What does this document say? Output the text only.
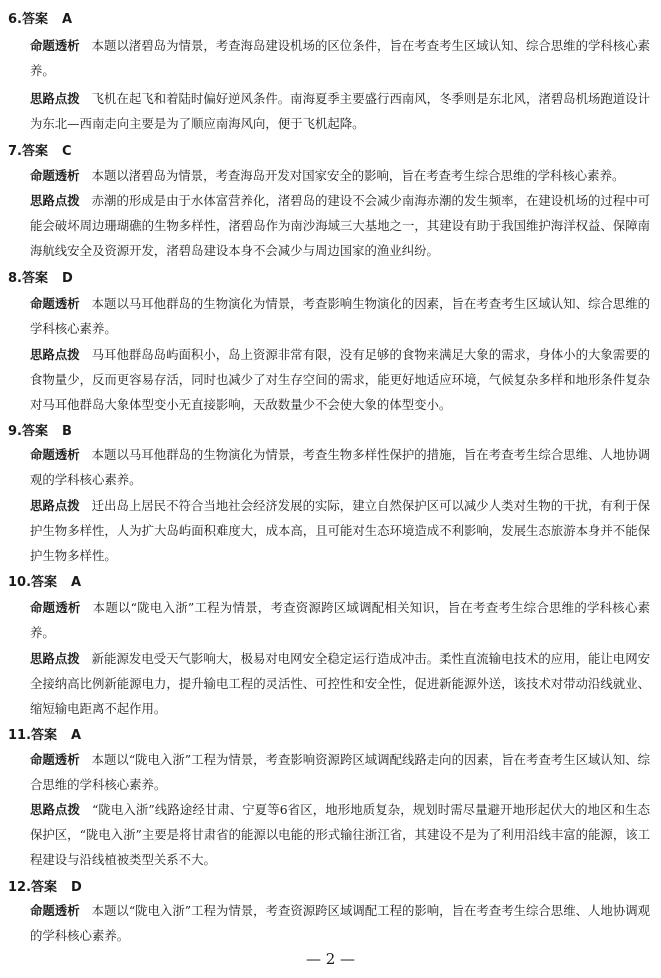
6.答案 A
命题透析 本题以渚碧岛为情景，考查海岛建设机场的区位条件，旨在考查考生区域认知、综合思维的学科核心素养。
思路点拨 飞机在起飞和着陆时偏好逆风条件。南海夏季主要盛行西南风，冬季则是东北风，渚碧岛机场跑道设计为东北—西南走向主要是为了顺应南海风向，便于飞机起降。
7.答案 C
命题透析 本题以渚碧岛为情景，考查海岛开发对国家安全的影响，旨在考查考生综合思维的学科核心素养。
思路点拨 赤潮的形成是由于水体富营养化，渚碧岛的建设不会减少南海赤潮的发生频率，在建设机场的过程中可能会破坏周边珊瑚礁的生物多样性，渚碧岛作为南沙海域三大基地之一，其建设有助于我国维护海洋权益、保障南海航线安全及资源开发，渚碧岛建设本身不会减少与周边国家的渔业纠纷。
8.答案 D
命题透析 本题以马耳他群岛的生物演化为情景，考查影响生物演化的因素，旨在考查考生区域认知、综合思维的学科核心素养。
思路点拨 马耳他群岛岛屿面积小，岛上资源非常有限，没有足够的食物来满足大象的需求，身体小的大象需要的食物量少，反而更容易存活，同时也减少了对生存空间的需求，能更好地适应环境，气候复杂多样和地形条件复杂对马耳他群岛大象体型变小无直接影响，天敌数量少不会使大象的体型变小。
9.答案 B
命题透析 本题以马耳他群岛的生物演化为情景，考查生物多样性保护的措施，旨在考查考生综合思维、人地协调观的学科核心素养。
思路点拨 迁出岛上居民不符合当地社会经济发展的实际，建立自然保护区可以减少人类对生物的干扰，有利于保护生物多样性，人为扩大岛屿面积难度大，成本高，且可能对生态环境造成不利影响，发展生态旅游本身并不能保护生物多样性。
10.答案 A
命题透析 本题以“陇电入浙”工程为情景，考查资源跨区域调配相关知识，旨在考查考生综合思维的学科核心素养。
思路点拨 新能源发电受天气影响大，极易对电网安全稳定运行造成冲击。柔性直流输电技术的应用，能让电网安全接纳高比例新能源电力，提升输电工程的灵活性、可控性和安全性，促进新能源外送，该技术对带动沿线就业、缩短输电距离不起作用。
11.答案 A
命题透析 本题以“陇电入浙”工程为情景，考查影响资源跨区域调配线路走向的因素，旨在考查考生区域认知、综合思维的学科核心素养。
思路点拨 “陇电入浙”线路途经甘肃、宁夏等6省区，地形地质复杂，规划时需尽量避开地形起伏大的地区和生态保护区，“陇电入浙”主要是将甘肃省的能源以电能的形式输往浙江省，其建设不是为了利用沿线丰富的能源，该工程建设与沿线植被类型关系不大。
12.答案 D
命题透析 本题以“陇电入浙”工程为情景，考查资源跨区域调配工程的影响，旨在考查考生综合思维、人地协调观的学科核心素养。
— 2 —
